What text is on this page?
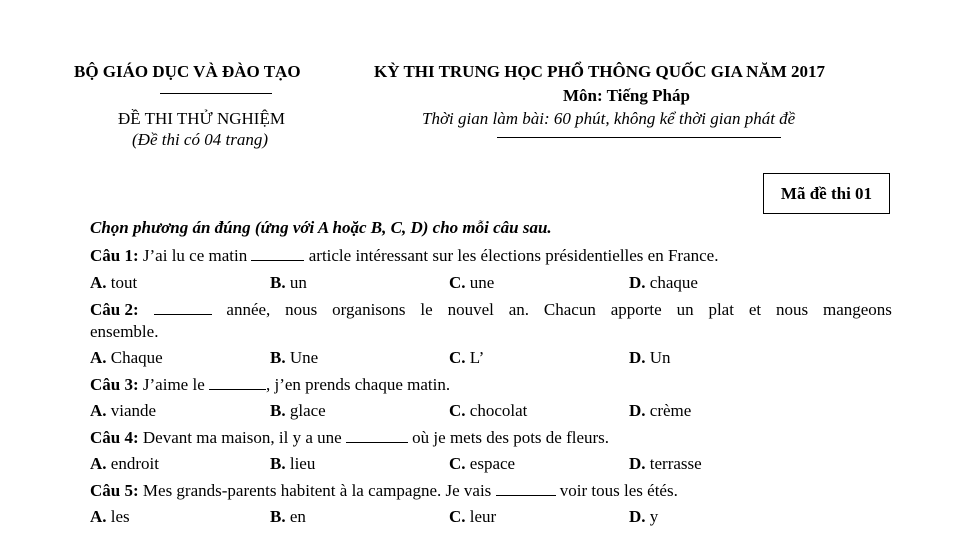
BỘ GIÁO DỤC VÀ ĐÀO TẠO	KỲ THI TRUNG HỌC PHỔ THÔNG QUỐC GIA NĂM 2017
Môn: Tiếng Pháp
ĐỀ THI THỬ NGHIỆM
(Đề thi có 04 trang)
Thời gian làm bài: 60 phút, không kể thời gian phát đề
Mã đề thi 01
Chọn phương án đúng (ứng với A hoặc B, C, D) cho mỗi câu sau.
Câu 1: J’ai lu ce matin	article intéressant sur les élections présidentielles en France.
A. tout	B. un	C. une	D. chaque
Câu 2:	année, nous organisons le nouvel an. Chacun apporte un plat et nous mangeons
ensemble.
A. Chaque	B. Une	C. L’	D. Un
Câu 3: J’aime le	, j’en prends chaque matin.
A. viande	B. glace	C. chocolat	D. crème
Câu 4: Devant ma maison, il y a une	où je mets des pots de fleurs.
A. endroit	B. lieu	C. espace	D. terrasse
Câu 5: Mes grands-parents habitent à la campagne. Je vais	voir tous les étés.
A. les	B. en	C. leur	D. y
